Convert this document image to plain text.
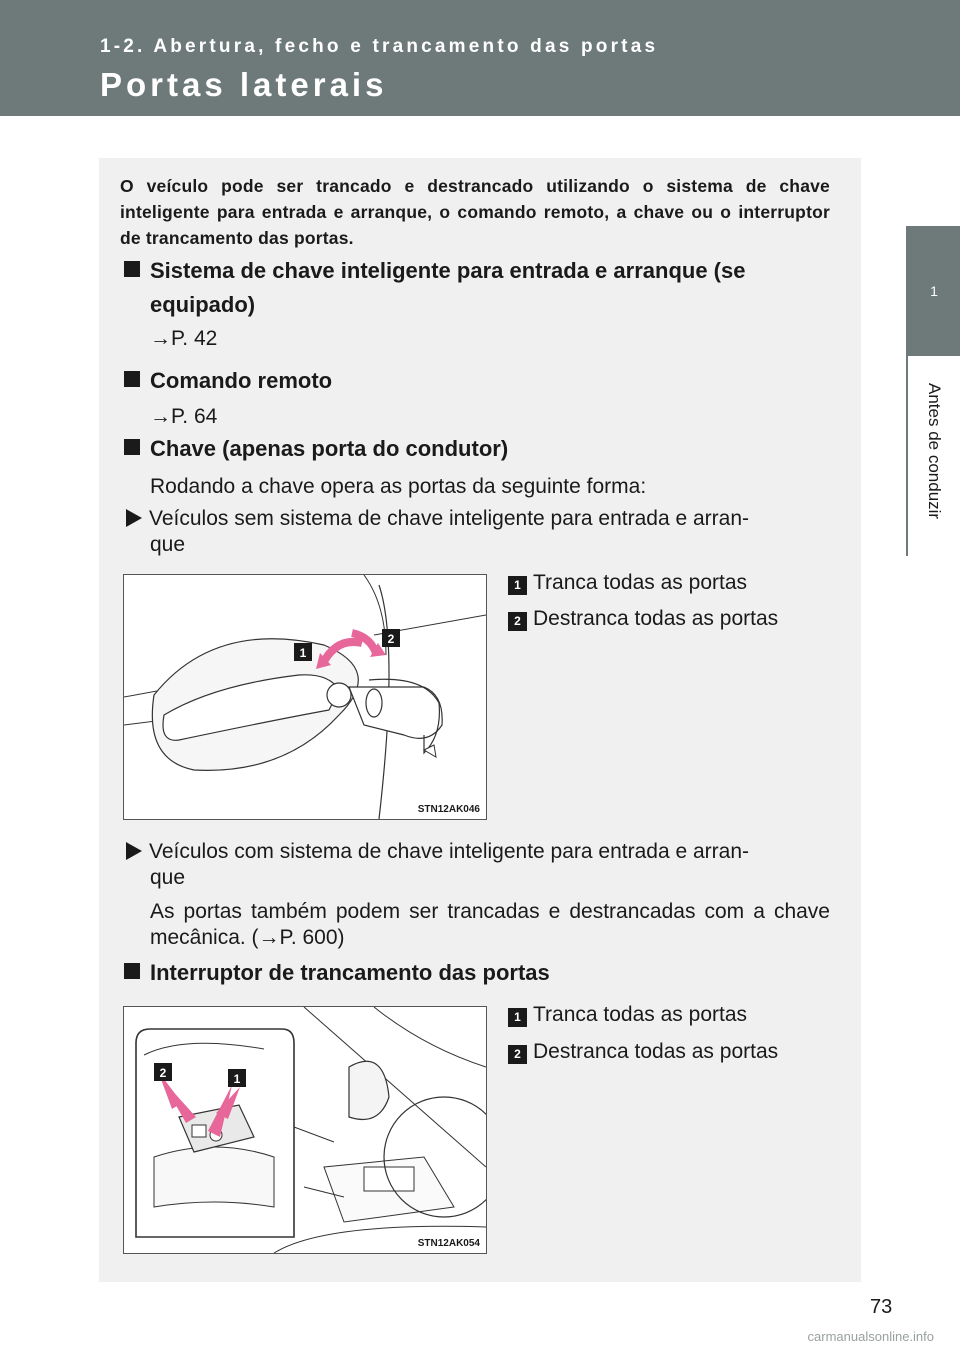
1-2. Abertura, fecho e trancamento das portas
Portas laterais
1
Antes de conduzir
O veículo pode ser trancado e destrancado utilizando o sistema de chave inteligente para entrada e arranque, o comando remoto, a chave ou o interruptor de trancamento das portas.
Sistema de chave inteligente para entrada e arranque (se
equipado)
→P. 42
Comando remoto
→P. 64
Chave (apenas porta do condutor)
Rodando a chave opera as portas da seguinte forma:
Veículos sem sistema de chave inteligente para entrada e arran-
que
1
2
STN12AK046
1 Tranca todas as portas
2 Destranca todas as portas
Veículos com sistema de chave inteligente para entrada e arran-
que
As portas também podem ser trancadas e destrancadas com a chave mecânica. (→P. 600)
Interruptor de trancamento das portas
2	1
STN12AK054
1 Tranca todas as portas
2 Destranca todas as portas
73
carmanualsonline.info
